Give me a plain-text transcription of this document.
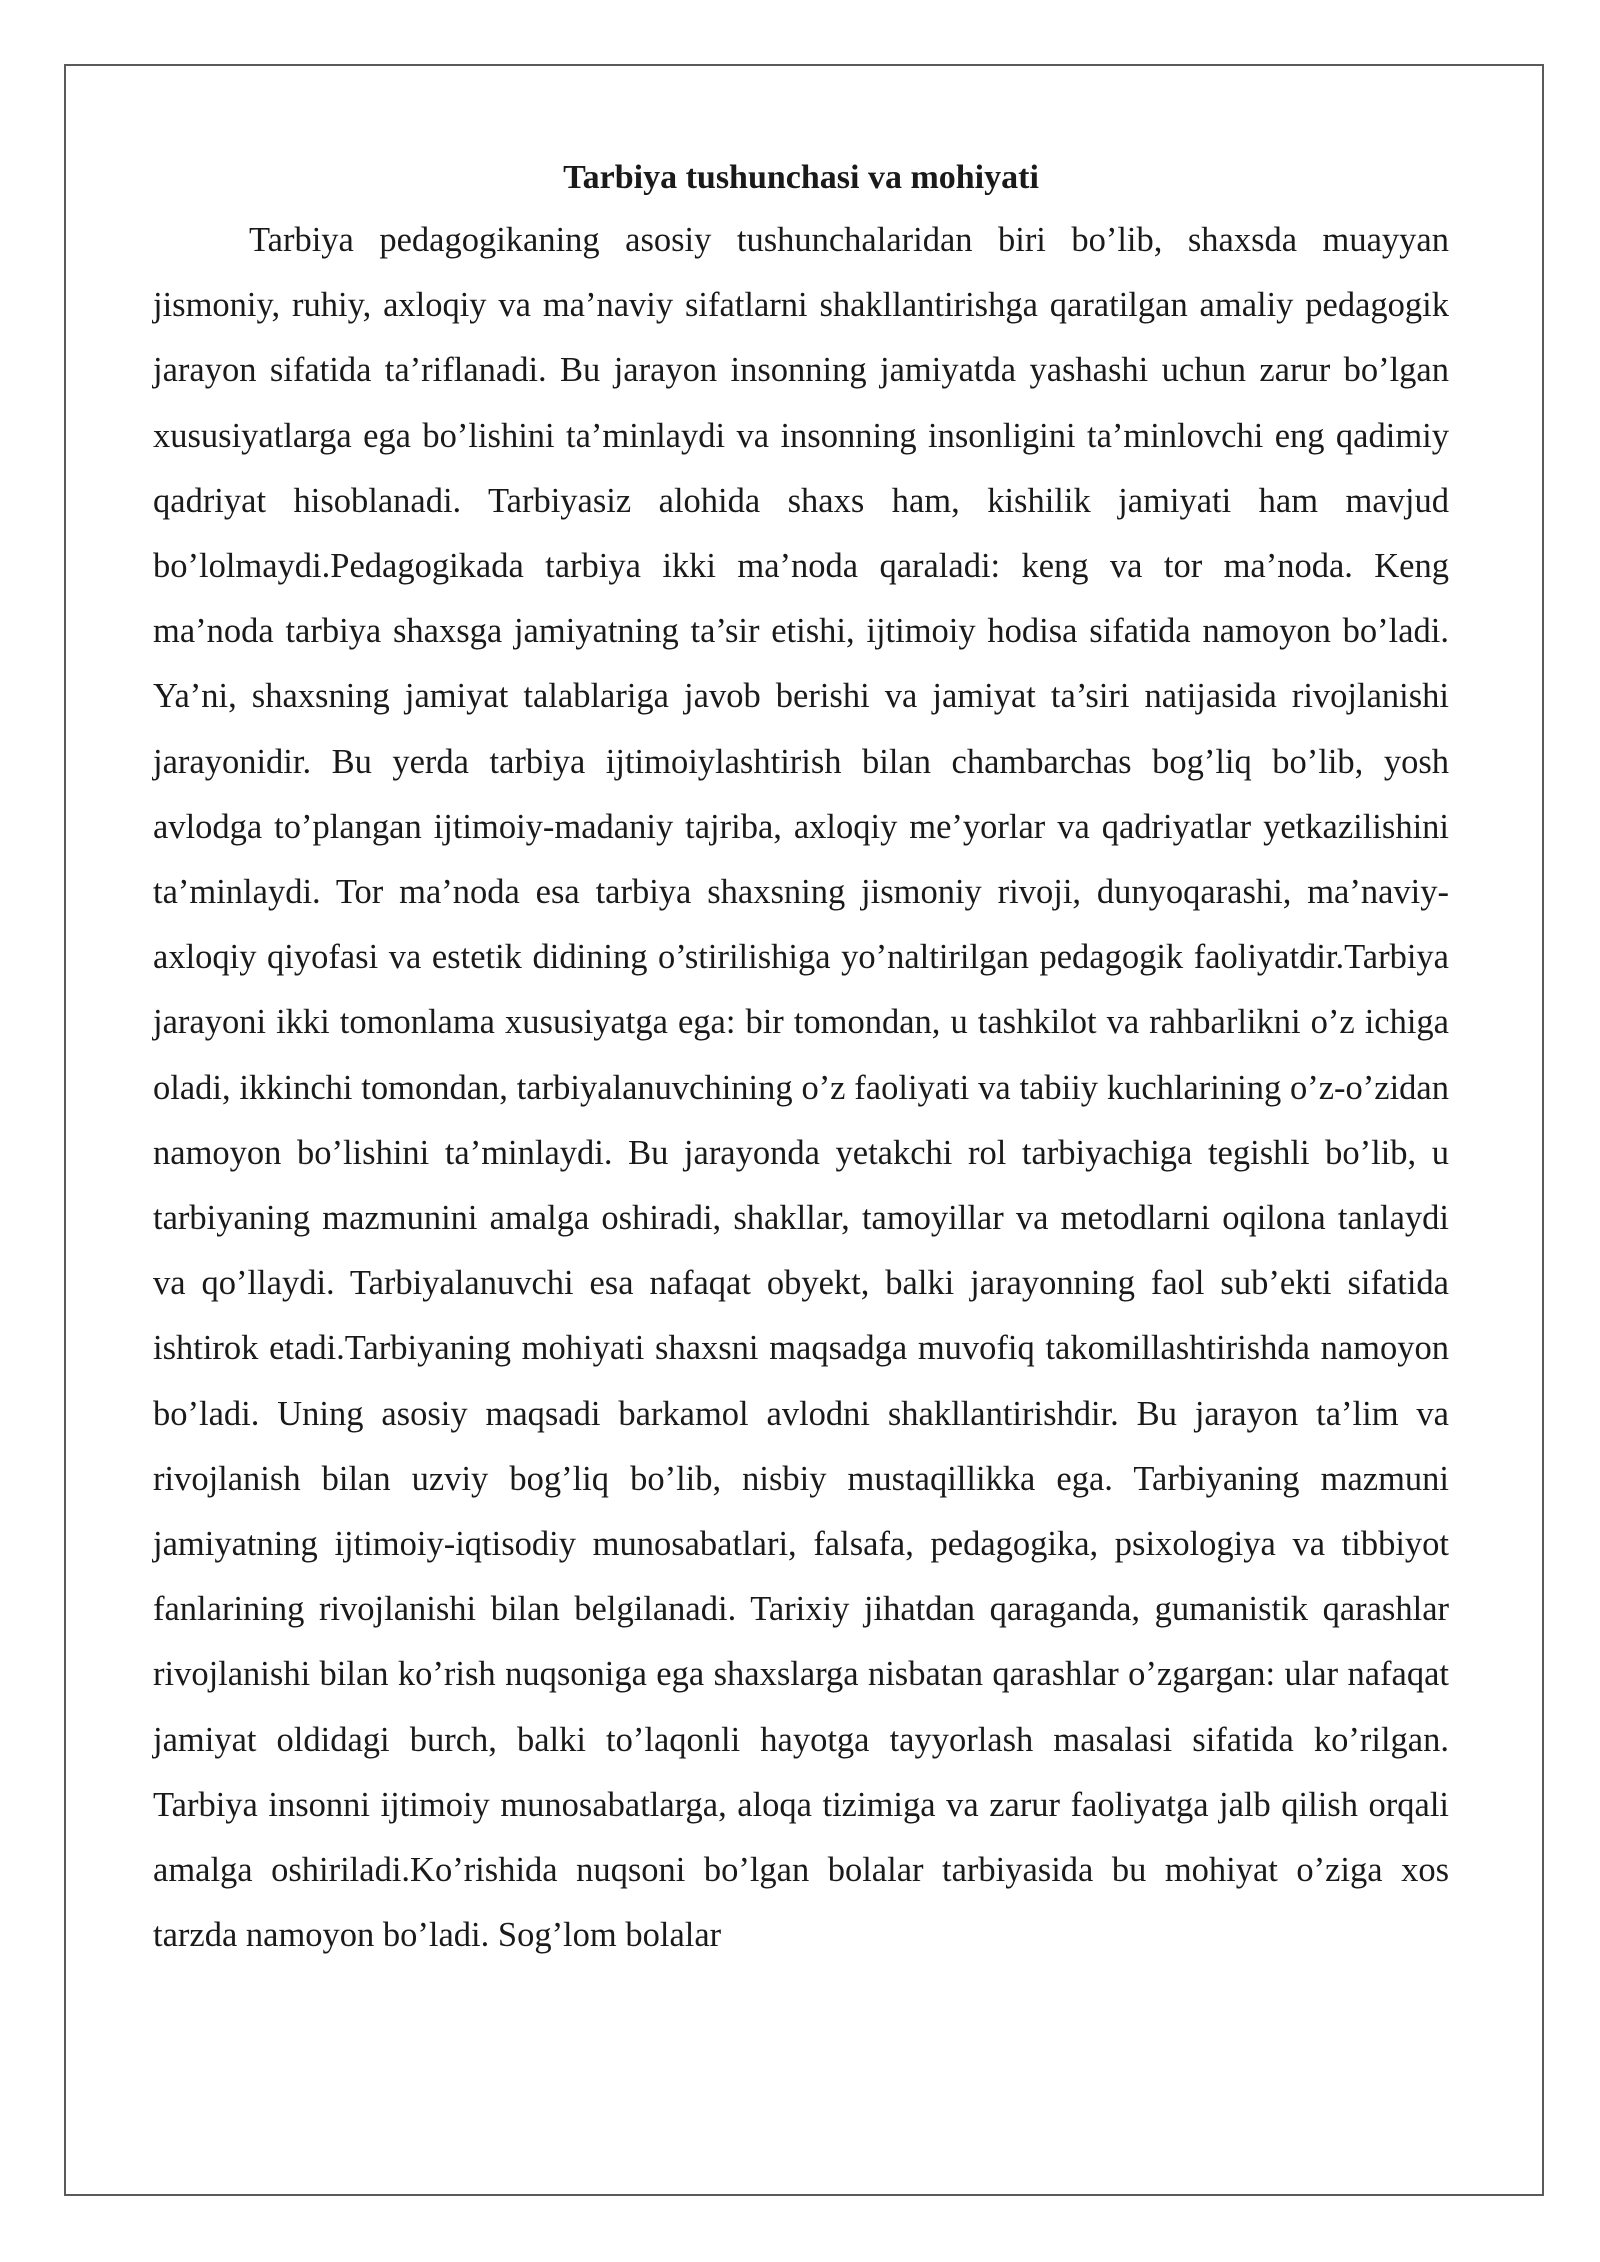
Tarbiya tushunchasi va mohiyati

Tarbiya pedagogikaning asosiy tushunchalaridan biri bo’lib, shaxsda muayyan jismoniy, ruhiy, axloqiy va ma’naviy sifatlarni shakllantirishga qaratilgan amaliy pedagogik jarayon sifatida ta’riflanadi. Bu jarayon insonning jamiyatda yashashi uchun zarur bo’lgan xususiyatlarga ega bo’lishini ta’minlaydi va insonning insonligini ta’minlovchi eng qadimiy qadriyat hisoblanadi. Tarbiyasiz alohida shaxs ham, kishilik jamiyati ham mavjud bo’lolmaydi.Pedagogikada tarbiya ikki ma’noda qaraladi: keng va tor ma’noda. Keng ma’noda tarbiya shaxsga jamiyatning ta’sir etishi, ijtimoiy hodisa sifatida namoyon bo’ladi. Ya’ni, shaxsning jamiyat talablariga javob berishi va jamiyat ta’siri natijasida rivojlanishi jarayonidir. Bu yerda tarbiya ijtimoiylashtirish bilan chambarchas bog’liq bo’lib, yosh avlodga to’plangan ijtimoiy-madaniy tajriba, axloqiy me’yorlar va qadriyatlar yetkazilishini ta’minlaydi. Tor ma’noda esa tarbiya shaxsning jismoniy rivoji, dunyoqarashi, ma’naviy-axloqiy qiyofasi va estetik didining o’stirilishiga yo’naltirilgan pedagogik faoliyatdir.Tarbiya jarayoni ikki tomonlama xususiyatga ega: bir tomondan, u tashkilot va rahbarlikni o’z ichiga oladi, ikkinchi tomondan, tarbiyalanuvchining o’z faoliyati va tabiiy kuchlarining o’z-o’zidan namoyon bo’lishini ta’minlaydi. Bu jarayonda yetakchi rol tarbiyachiga tegishli bo’lib, u tarbiyaning mazmunini amalga oshiradi, shakllar, tamoyillar va metodlarni oqilona tanlaydi va qo’llaydi. Tarbiyalanuvchi esa nafaqat obyekt, balki jarayonning faol sub’ekti sifatida ishtirok etadi.Tarbiyaning mohiyati shaxsni maqsadga muvofiq takomillashtirishda namoyon bo’ladi. Uning asosiy maqsadi barkamol avlodni shakllantirishdir. Bu jarayon ta’lim va rivojlanish bilan uzviy bog’liq bo’lib, nisbiy mustaqillikka ega. Tarbiyaning mazmuni jamiyatning ijtimoiy-iqtisodiy munosabatlari, falsafa, pedagogika, psixologiya va tibbiyot fanlarining rivojlanishi bilan belgilanadi. Tarixiy jihatdan qaraganda, gumanistik qarashlar rivojlanishi bilan ko’rish nuqsoniga ega shaxslarga nisbatan qarashlar o’zgargan: ular nafaqat jamiyat oldidagi burch, balki to’laqonli hayotga tayyorlash masalasi sifatida ko’rilgan. Tarbiya insonni ijtimoiy munosabatlarga, aloqa tizimiga va zarur faoliyatga jalb qilish orqali amalga oshiriladi.Ko’rishida nuqsoni bo’lgan bolalar tarbiyasida bu mohiyat o’ziga xos tarzda namoyon bo’ladi. Sog’lom bolalar
